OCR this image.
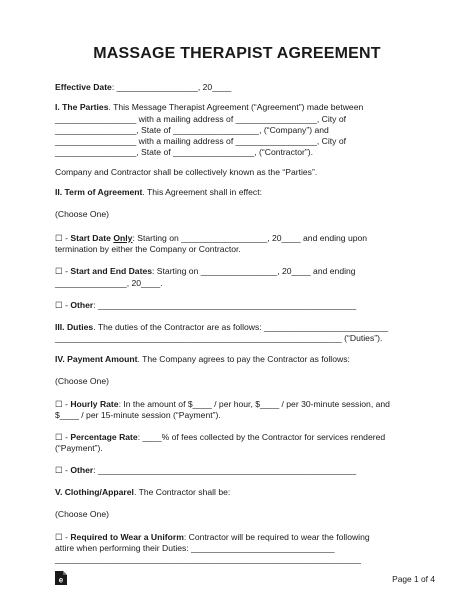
MASSAGE THERAPIST AGREEMENT
Effective Date: _________________, 20____
I. The Parties. This Message Therapist Agreement (“Agreement”) made between
_________________ with a mailing address of _________________, City of
_________________, State of __________________, (“Company”) and
_________________ with a mailing address of _________________, City of
_________________, State of _________________, (“Contractor”).
Company and Contractor shall be collectively known as the “Parties”.
II. Term of Agreement. This Agreement shall in effect:
(Choose One)
☐ - Start Date Only: Starting on __________________, 20____ and ending upon
termination by either the Company or Contractor.
☐ - Start and End Dates: Starting on ________________, 20____ and ending
_______________, 20____.
☐ - Other: ______________________________________________________
III. Duties. The duties of the Contractor are as follows: __________________________
____________________________________________________________ (“Duties”).
IV. Payment Amount. The Company agrees to pay the Contractor as follows:
(Choose One)
☐ - Hourly Rate: In the amount of $____ / per hour, $____ / per 30-minute session, and
$____ / per 15-minute session (“Payment”).
☐ - Percentage Rate: ____% of fees collected by the Contractor for services rendered
(“Payment”).
☐ - Other: ______________________________________________________
V. Clothing/Apparel. The Contractor shall be:
(Choose One)
☐ - Required to Wear a Uniform: Contractor will be required to wear the following
attire when performing their Duties: ______________________________
________________________________________________________________
e	Page 1 of 4
